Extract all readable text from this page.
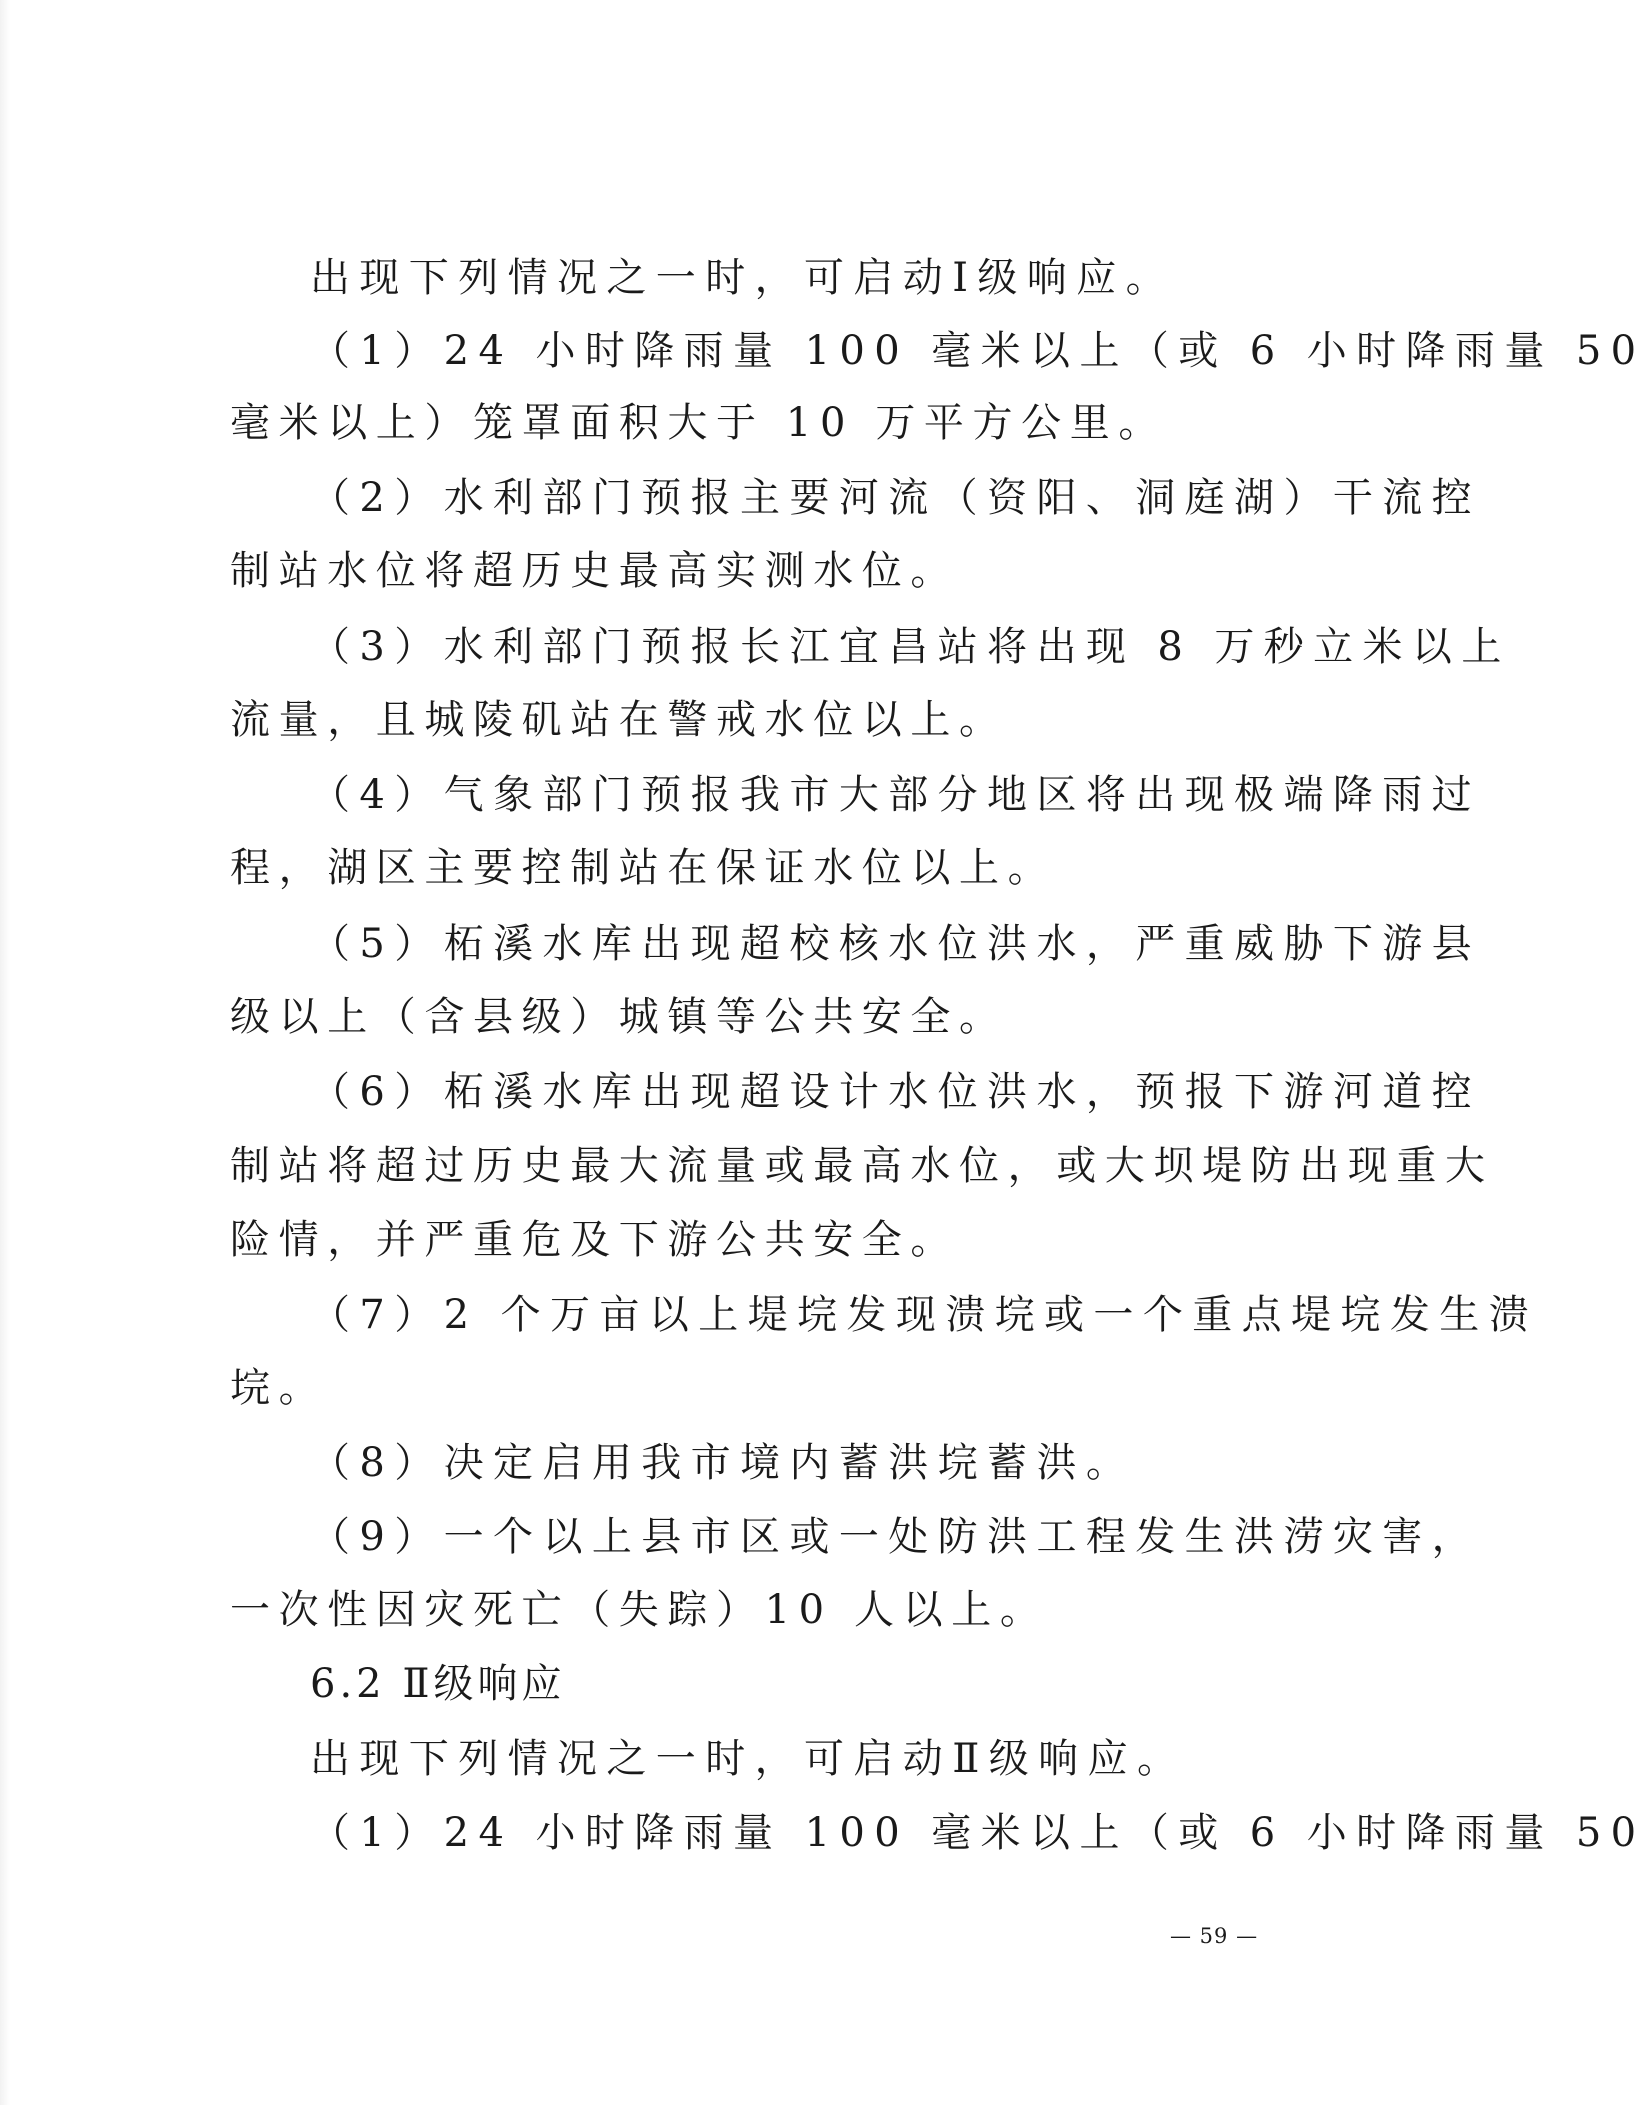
出现下列情况之一时，可启动Ⅰ级响应。
（1）24 小时降雨量 100 毫米以上（或 6 小时降雨量 50
毫米以上）笼罩面积大于 10 万平方公里。
（2）水利部门预报主要河流（资阳、洞庭湖）干流控
制站水位将超历史最高实测水位。
（3）水利部门预报长江宜昌站将出现 8 万秒立米以上
流量，且城陵矶站在警戒水位以上。
（4）气象部门预报我市大部分地区将出现极端降雨过
程，湖区主要控制站在保证水位以上。
（5）柘溪水库出现超校核水位洪水，严重威胁下游县
级以上（含县级）城镇等公共安全。
（6）柘溪水库出现超设计水位洪水，预报下游河道控
制站将超过历史最大流量或最高水位，或大坝堤防出现重大
险情，并严重危及下游公共安全。
（7）2 个万亩以上堤垸发现溃垸或一个重点堤垸发生溃
垸。
（8）决定启用我市境内蓄洪垸蓄洪。
（9）一个以上县市区或一处防洪工程发生洪涝灾害，
一次性因灾死亡（失踪）10 人以上。
6.2 Ⅱ级响应
出现下列情况之一时，可启动Ⅱ级响应。
（1）24 小时降雨量 100 毫米以上（或 6 小时降雨量 50
— 59 —
